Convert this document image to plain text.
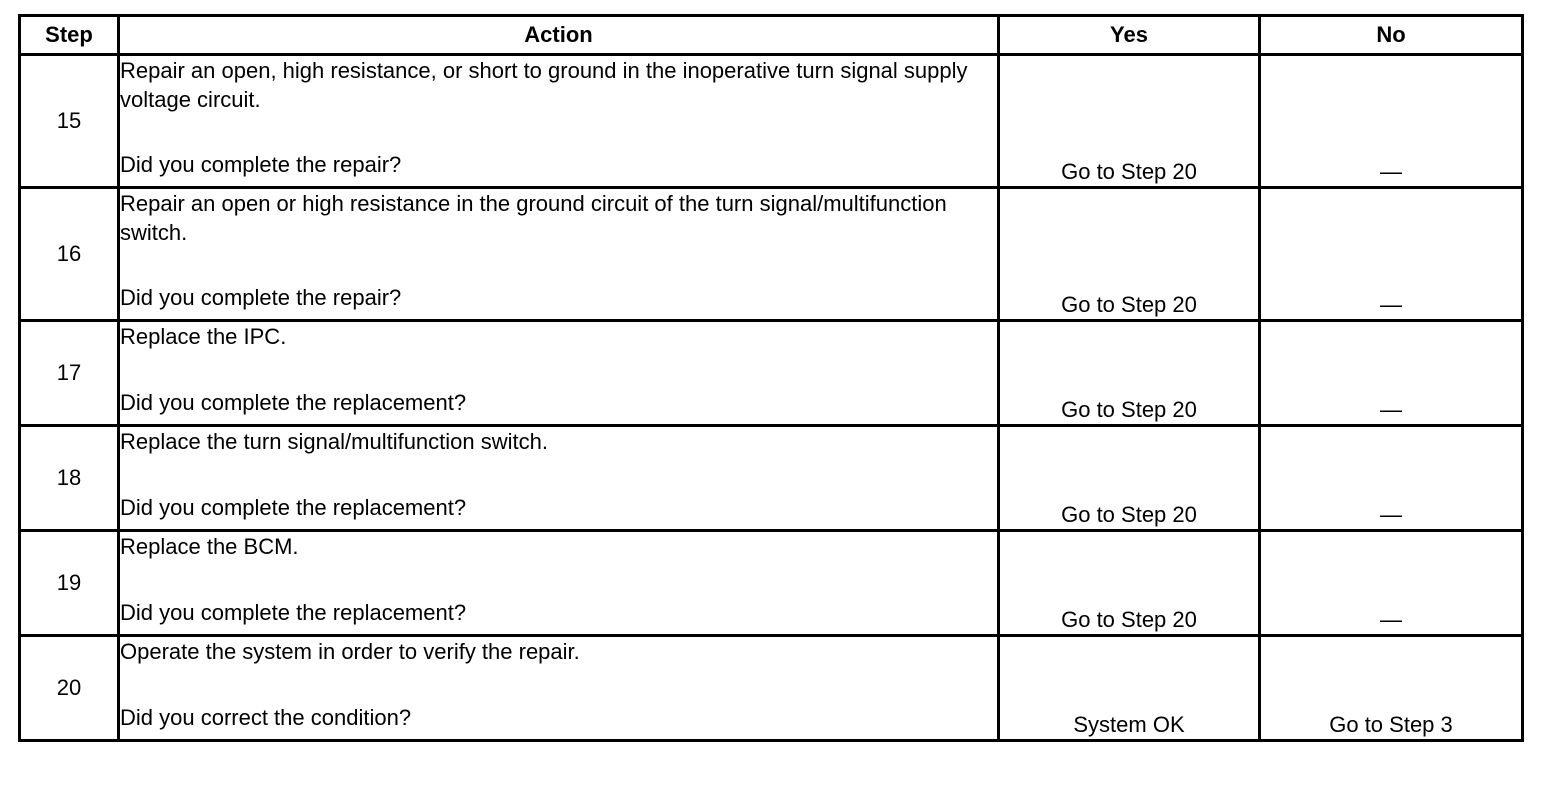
Step	Action	Yes	No
15	Repair an open, high resistance, or short to ground in the inoperative turn signal supply voltage circuit.
Did you complete the repair?	Go to Step 20	—
16	Repair an open or high resistance in the ground circuit of the turn signal/multifunction switch.
Did you complete the repair?	Go to Step 20	—
17	Replace the IPC.
Did you complete the replacement?	Go to Step 20	—
18	Replace the turn signal/multifunction switch.
Did you complete the replacement?	Go to Step 20	—
19	Replace the BCM.
Did you complete the replacement?	Go to Step 20	—
20	Operate the system in order to verify the repair.
Did you correct the condition?	System OK	Go to Step 3
